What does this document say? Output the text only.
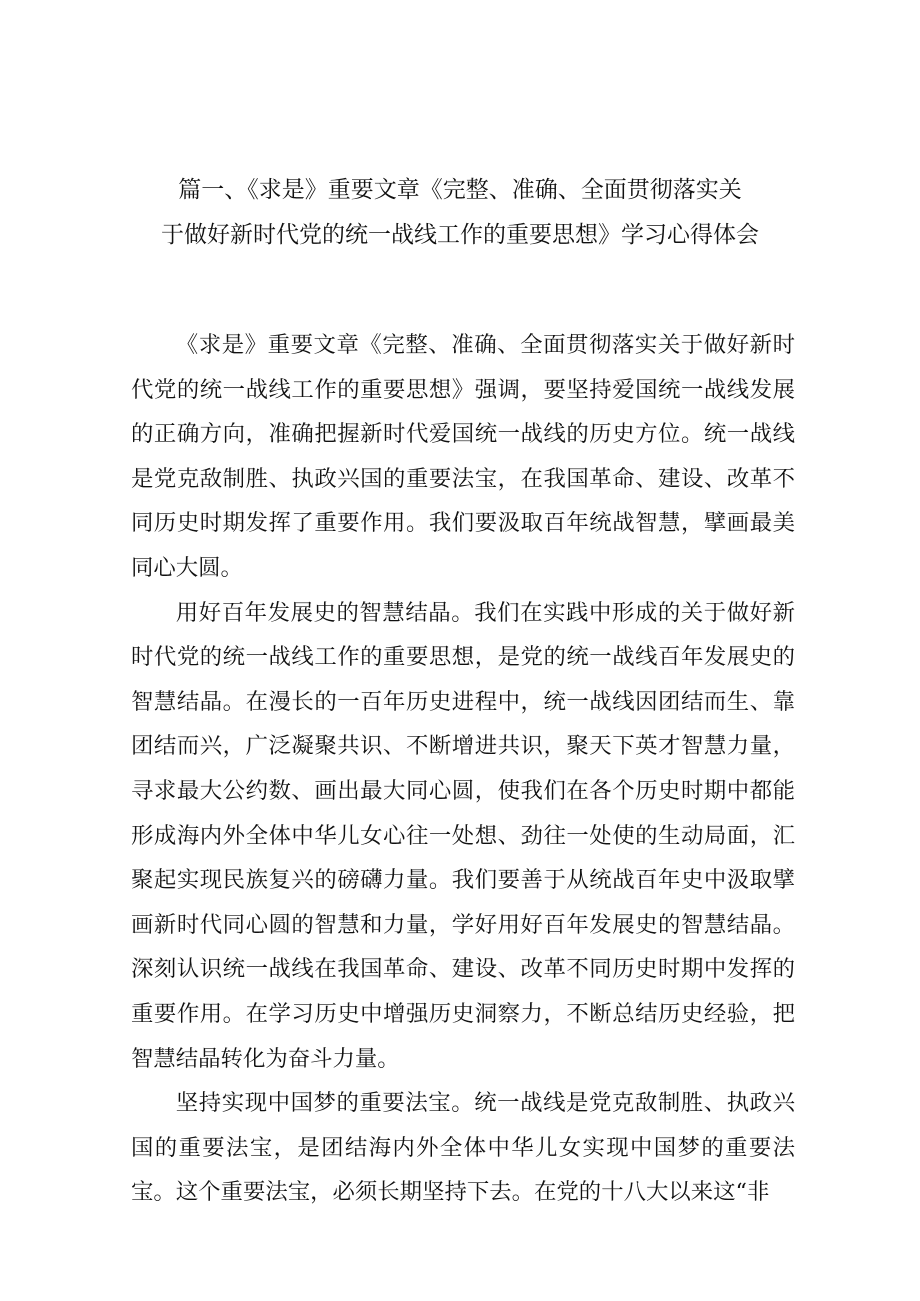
篇一、《求是》重要文章《完整、准确、全面贯彻落实关
于做好新时代党的统一战线工作的重要思想》学习心得体会

《求是》重要文章《完整、准确、全面贯彻落实关于做好新时代党的统一战线工作的重要思想》强调，要坚持爱国统一战线发展的正确方向，准确把握新时代爱国统一战线的历史方位。统一战线是党克敌制胜、执政兴国的重要法宝，在我国革命、建设、改革不同历史时期发挥了重要作用。我们要汲取百年统战智慧，擘画最美同心大圆。

用好百年发展史的智慧结晶。我们在实践中形成的关于做好新时代党的统一战线工作的重要思想，是党的统一战线百年发展史的智慧结晶。在漫长的一百年历史进程中，统一战线因团结而生、靠团结而兴，广泛凝聚共识、不断增进共识，聚天下英才智慧力量，寻求最大公约数、画出最大同心圆，使我们在各个历史时期中都能形成海内外全体中华儿女心往一处想、劲往一处使的生动局面，汇聚起实现民族复兴的磅礴力量。我们要善于从统战百年史中汲取擘画新时代同心圆的智慧和力量，学好用好百年发展史的智慧结晶。深刻认识统一战线在我国革命、建设、改革不同历史时期中发挥的重要作用。在学习历史中增强历史洞察力，不断总结历史经验，把智慧结晶转化为奋斗力量。

坚持实现中国梦的重要法宝。统一战线是党克敌制胜、执政兴国的重要法宝，是团结海内外全体中华儿女实现中国梦的重要法宝。这个重要法宝，必须长期坚持下去。在党的十八大以来这“非
